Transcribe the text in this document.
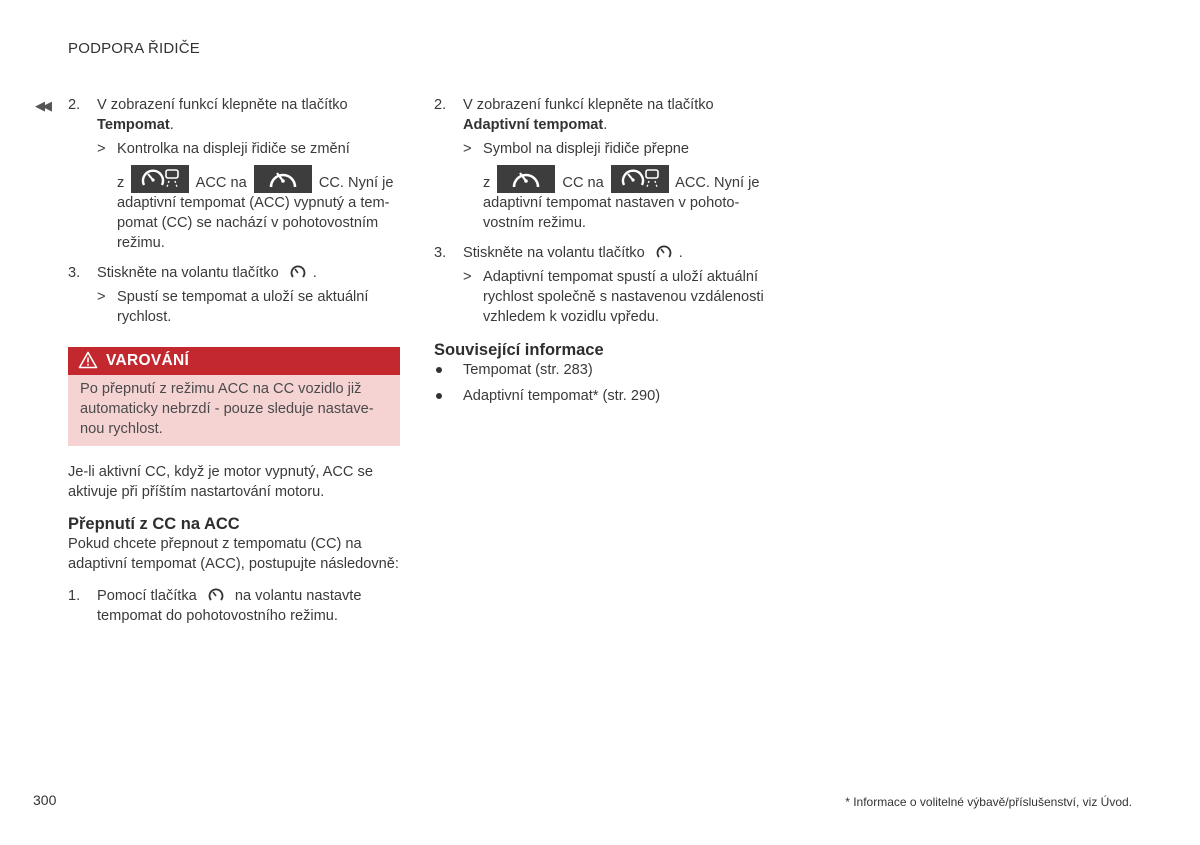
PODPORA ŘIDIČE
◀◀ 2. V zobrazení funkcí klepněte na tlačítko
Tempomat.
> Kontrolka na displeji řidiče se změní
z	ACC na	CC. Nyní je
adaptivní tempomat (ACC) vypnutý a tempomat (CC) se nachází v pohotovostním režimu.
3. Stiskněte na volantu tlačítko .
> Spustí se tempomat a uloží se aktuální rychlost.
VAROVÁNÍ
Po přepnutí z režimu ACC na CC vozidlo již automaticky nebrzdí - pouze sleduje nastavenou rychlost.
Je-li aktivní CC, když je motor vypnutý, ACC se aktivuje při příštím nastartování motoru.
Přepnutí z CC na ACC
Pokud chcete přepnout z tempomatu (CC) na adaptivní tempomat (ACC), postupujte následovně:
1. Pomocí tlačítka	na volantu nastavte tempomat do pohotovostního režimu.
2. V zobrazení funkcí klepněte na tlačítko
Adaptivní tempomat.
> Symbol na displeji řidiče přepne
z	CC na	ACC. Nyní je
adaptivní tempomat nastaven v pohotovostním režimu.
3. Stiskněte na volantu tlačítko .
> Adaptivní tempomat spustí a uloží aktuální rychlost společně s nastavenou vzdálenosti vzhledem k vozidlu vpředu.
Související informace
Tempomat (str. 283)
Adaptivní tempomat* (str. 290)
300	* Informace o volitelné výbavě/příslušenství, viz Úvod.
